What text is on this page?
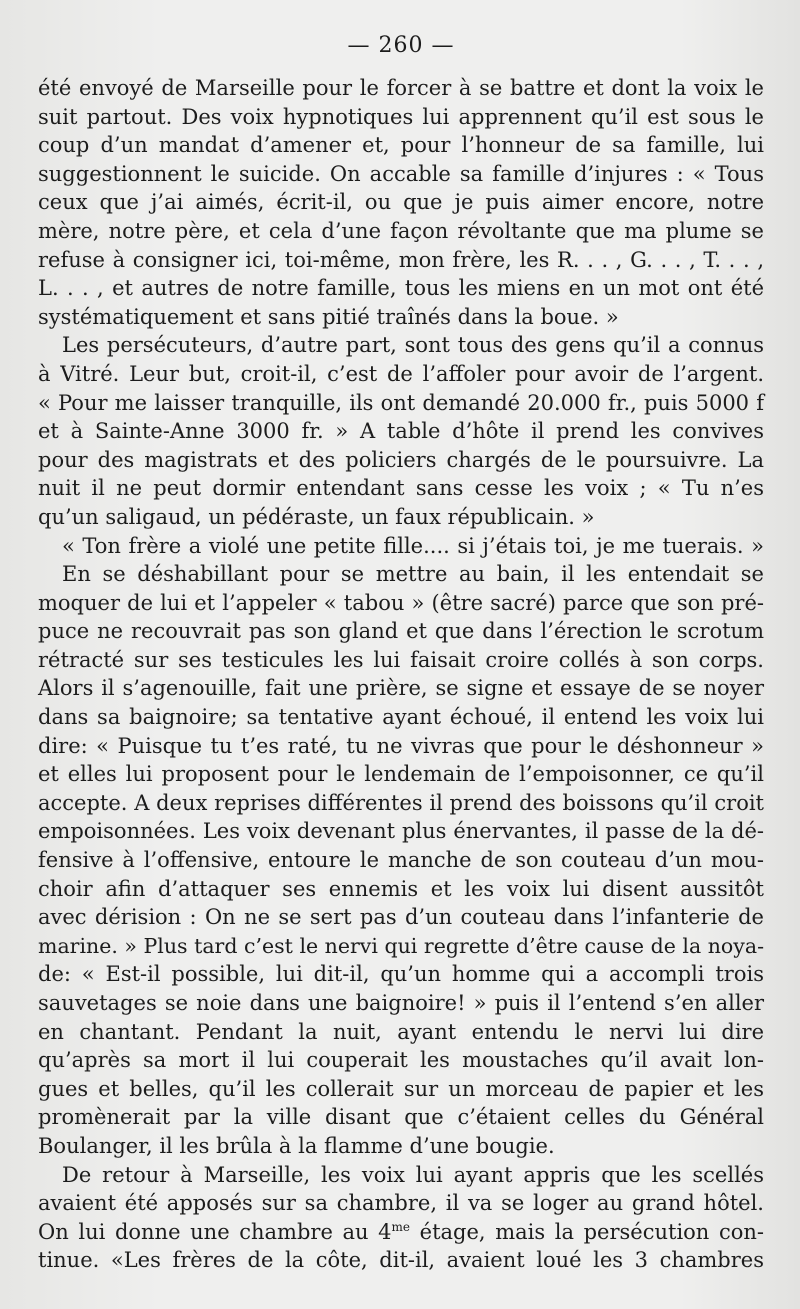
— 260 —
été envoyé de Marseille pour le forcer à se battre et dont la voix le
suit partout. Des voix hypnotiques lui apprennent qu’il est sous le
coup d’un mandat d’amener et, pour l’honneur de sa famille, lui
suggestionnent le suicide. On accable sa famille d’injures : « Tous
ceux que j’ai aimés, écrit-il, ou que je puis aimer encore, notre
mère, notre père, et cela d’une façon révoltante que ma plume se
refuse à consigner ici, toi-même, mon frère, les R. . . , G. . . , T. . . ,
L. . . , et autres de notre famille, tous les miens en un mot ont été
systématiquement et sans pitié traînés dans la boue. »
Les persécuteurs, d’autre part, sont tous des gens qu’il a connus
à Vitré. Leur but, croit-il, c’est de l’affoler pour avoir de l’argent.
« Pour me laisser tranquille, ils ont demandé 20.000 fr., puis 5000 f
et à Sainte-Anne 3000 fr. » A table d’hôte il prend les convives
pour des magistrats et des policiers chargés de le poursuivre. La
nuit il ne peut dormir entendant sans cesse les voix ; « Tu n’es
qu’un saligaud, un pédéraste, un faux républicain. »
« Ton frère a violé une petite fille.... si j’étais toi, je me tuerais. »
En se déshabillant pour se mettre au bain, il les entendait se
moquer de lui et l’appeler « tabou » (être sacré) parce que son pré-
puce ne recouvrait pas son gland et que dans l’érection le scrotum
rétracté sur ses testicules les lui faisait croire collés à son corps.
Alors il s’agenouille, fait une prière, se signe et essaye de se noyer
dans sa baignoire; sa tentative ayant échoué, il entend les voix lui
dire: « Puisque tu t’es raté, tu ne vivras que pour le déshonneur »
et elles lui proposent pour le lendemain de l’empoisonner, ce qu’il
accepte. A deux reprises différentes il prend des boissons qu’il croit
empoisonnées. Les voix devenant plus énervantes, il passe de la dé-
fensive à l’offensive, entoure le manche de son couteau d’un mou-
choir afin d’attaquer ses ennemis et les voix lui disent aussitôt
avec dérision : On ne se sert pas d’un couteau dans l’infanterie de
marine. » Plus tard c’est le nervi qui regrette d’être cause de la noya-
de: « Est-il possible, lui dit-il, qu’un homme qui a accompli trois
sauvetages se noie dans une baignoire! » puis il l’entend s’en aller
en chantant. Pendant la nuit, ayant entendu le nervi lui dire
qu’après sa mort il lui couperait les moustaches qu’il avait lon-
gues et belles, qu’il les collerait sur un morceau de papier et les
promènerait par la ville disant que c’étaient celles du Général
Boulanger, il les brûla à la flamme d’une bougie.
De retour à Marseille, les voix lui ayant appris que les scellés
avaient été apposés sur sa chambre, il va se loger au grand hôtel.
On lui donne une chambre au $4^{me}$ étage, mais la persécution con-
tinue. «Les frères de la côte, dit-il, avaient loué les 3 chambres
